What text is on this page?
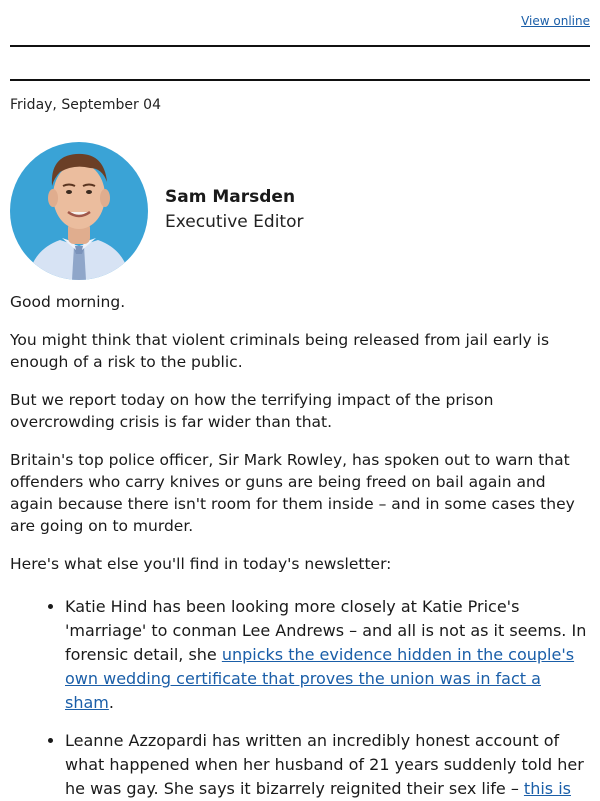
View online
Friday, September 04
Sam Marsden
Executive Editor

Good morning.

You might think that violent criminals being released from jail early is enough of a risk to the public.

But we report today on how the terrifying impact of the prison overcrowding crisis is far wider than that.

Britain's top police officer, Sir Mark Rowley, has spoken out to warn that offenders who carry knives or guns are being freed on bail again and again because there isn't room for them inside – and in some cases they are going on to murder.

Here's what else you'll find in today's newsletter:

• Katie Hind has been looking more closely at Katie Price's 'marriage' to conman Lee Andrews – and all is not as it seems. In forensic detail, she unpicks the evidence hidden in the couple's own wedding certificate that proves the union was in fact a sham.
• Leanne Azzopardi has written an incredibly honest account of what happened when her husband of 21 years suddenly told her he was gay. She says it bizarrely reignited their sex life – this is
